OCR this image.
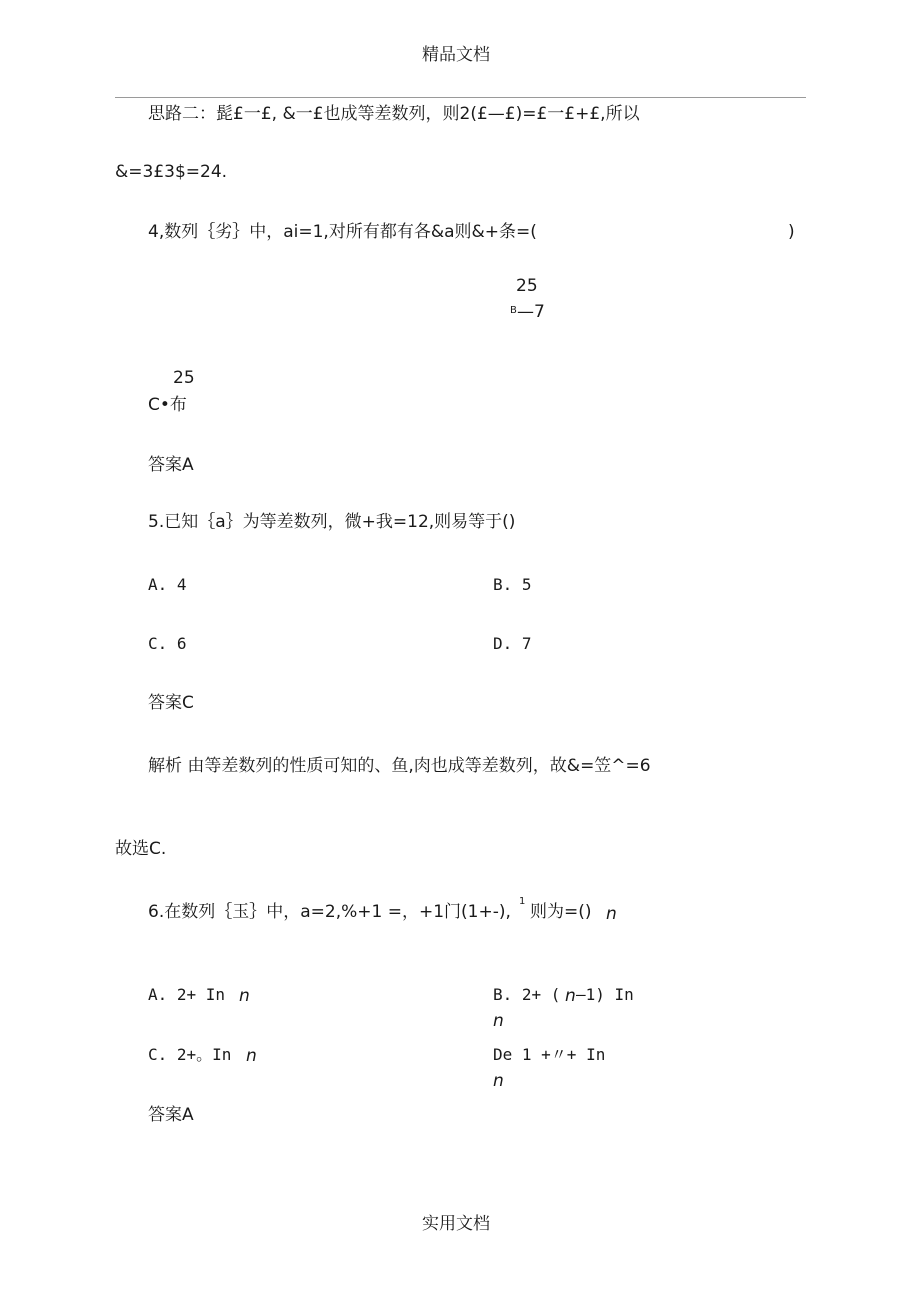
精品文档
思路二：髭£一£, &一£也成等差数列，则2(£—£)=£一£+£,所以
&=3£3$=24.
4,数列｛劣｝中，ai=1,对所有都有各&a则&+条=(	)
25
B —7
25
C•布
答案A
5.已知｛a｝为等差数列，微+我=12,则易等于()
A. 4	B. 5
C. 6	D. 7
答案C
解析 由等差数列的性质可知的、鱼,肉也成等差数列，故&=笠^=6
故选C.
6.在数列｛玉｝中，a=2,%+1 =，+1门(1+-),
1
则为=() n
A. 2+ In n	B. 2+ ( n —1) In
n
C. 2+。In n	De 1 +〃+ In
n
答案A
实用文档
